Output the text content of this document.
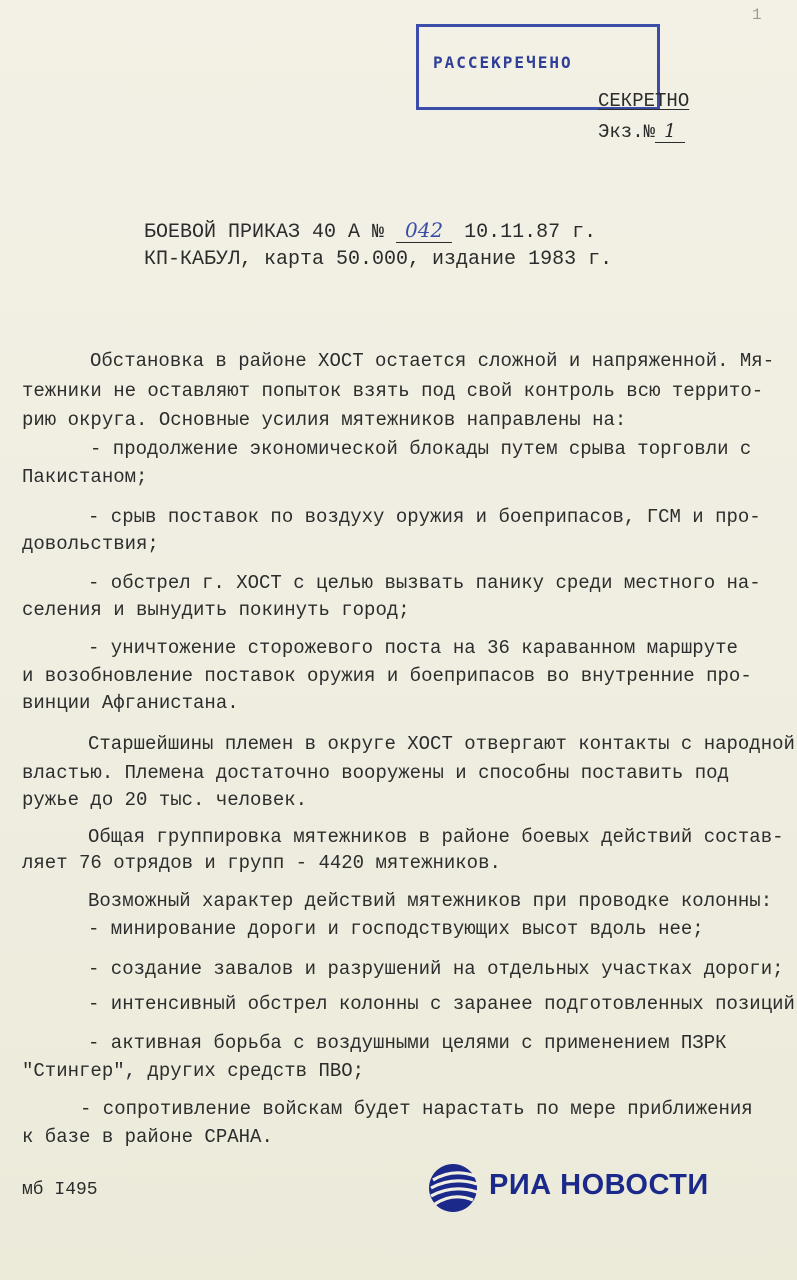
1
РАССЕКРЕЧЕНО
СЕКРЕТНО
Экз.№ 1
БОЕВОЙ ПРИКАЗ 40 А № 042 10.11.87 г.
КП-КАБУЛ, карта 50.000, издание 1983 г.
Обстановка в районе ХОСТ остается сложной и напряженной. Мя-
тежники не оставляют попыток взять под свой контроль всю террито-
рию округа. Основные усилия мятежников направлены на:
- продолжение экономической блокады путем срыва торговли с
Пакистаном;
- срыв поставок по воздуху оружия и боеприпасов, ГСМ и про-
довольствия;
- обстрел г. ХОСТ с целью вызвать панику среди местного на-
селения и вынудить покинуть город;
- уничтожение сторожевого поста на 36 караванном маршруте
и возобновление поставок оружия и боеприпасов во внутренние про-
винции Афганистана.
Старшейшины племен в округе ХОСТ отвергают контакты с народной
властью. Племена достаточно вооружены и способны поставить под
ружье до 20 тыс. человек.
Общая группировка мятежников в районе боевых действий состав-
ляет 76 отрядов и групп - 4420 мятежников.
Возможный характер действий мятежников при проводке колонны:
- минирование дороги и господствующих высот вдоль нее;
- создание завалов и разрушений на отдельных участках дороги;
- интенсивный обстрел колонны с заранее подготовленных позиций
- активная борьба с воздушными целями с применением ПЗРК
"Стингер", других средств ПВО;
- сопротивление войскам будет нарастать по мере приближения
к базе в районе СРАНА.
мб I495	РИА НОВОСТИ
